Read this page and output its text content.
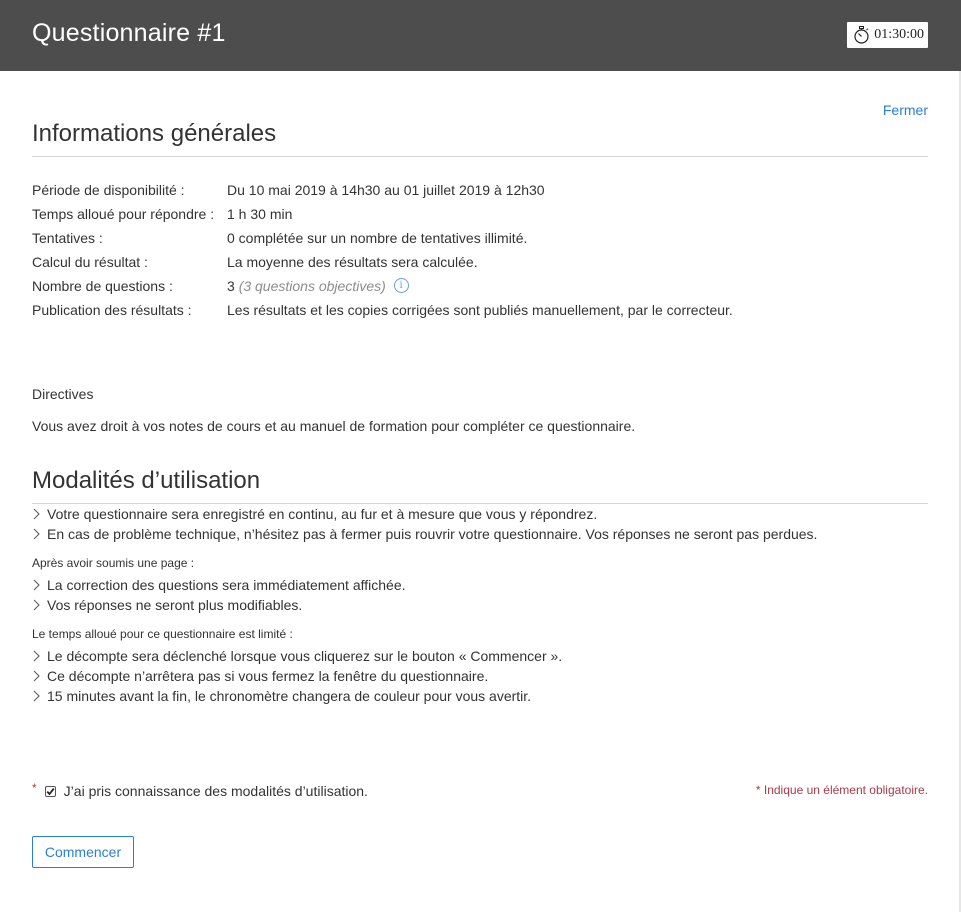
Questionnaire #1	01:30:00
Fermer
Informations générales
Période de disponibilité :	Du 10 mai 2019 à 14h30 au 01 juillet 2019 à 12h30
Temps alloué pour répondre :	1 h 30 min
Tentatives :	0 complétée sur un nombre de tentatives illimité.
Calcul du résultat :	La moyenne des résultats sera calculée.
Nombre de questions :	3 (3 questions objectives) i
Publication des résultats :	Les résultats et les copies corrigées sont publiés manuellement, par le correcteur.
Directives
Vous avez droit à vos notes de cours et au manuel de formation pour compléter ce questionnaire.
Modalités d’utilisation
Votre questionnaire sera enregistré en continu, au fur et à mesure que vous y répondrez.
En cas de problème technique, n’hésitez pas à fermer puis rouvrir votre questionnaire. Vos réponses ne seront pas perdues.
Après avoir soumis une page :
La correction des questions sera immédiatement affichée.
Vos réponses ne seront plus modifiables.
Le temps alloué pour ce questionnaire est limité :
Le décompte sera déclenché lorsque vous cliquerez sur le bouton « Commencer ».
Ce décompte n’arrêtera pas si vous fermez la fenêtre du questionnaire.
15 minutes avant la fin, le chronomètre changera de couleur pour vous avertir.
* J’ai pris connaissance des modalités d’utilisation.	* Indique un élément obligatoire.
Commencer
